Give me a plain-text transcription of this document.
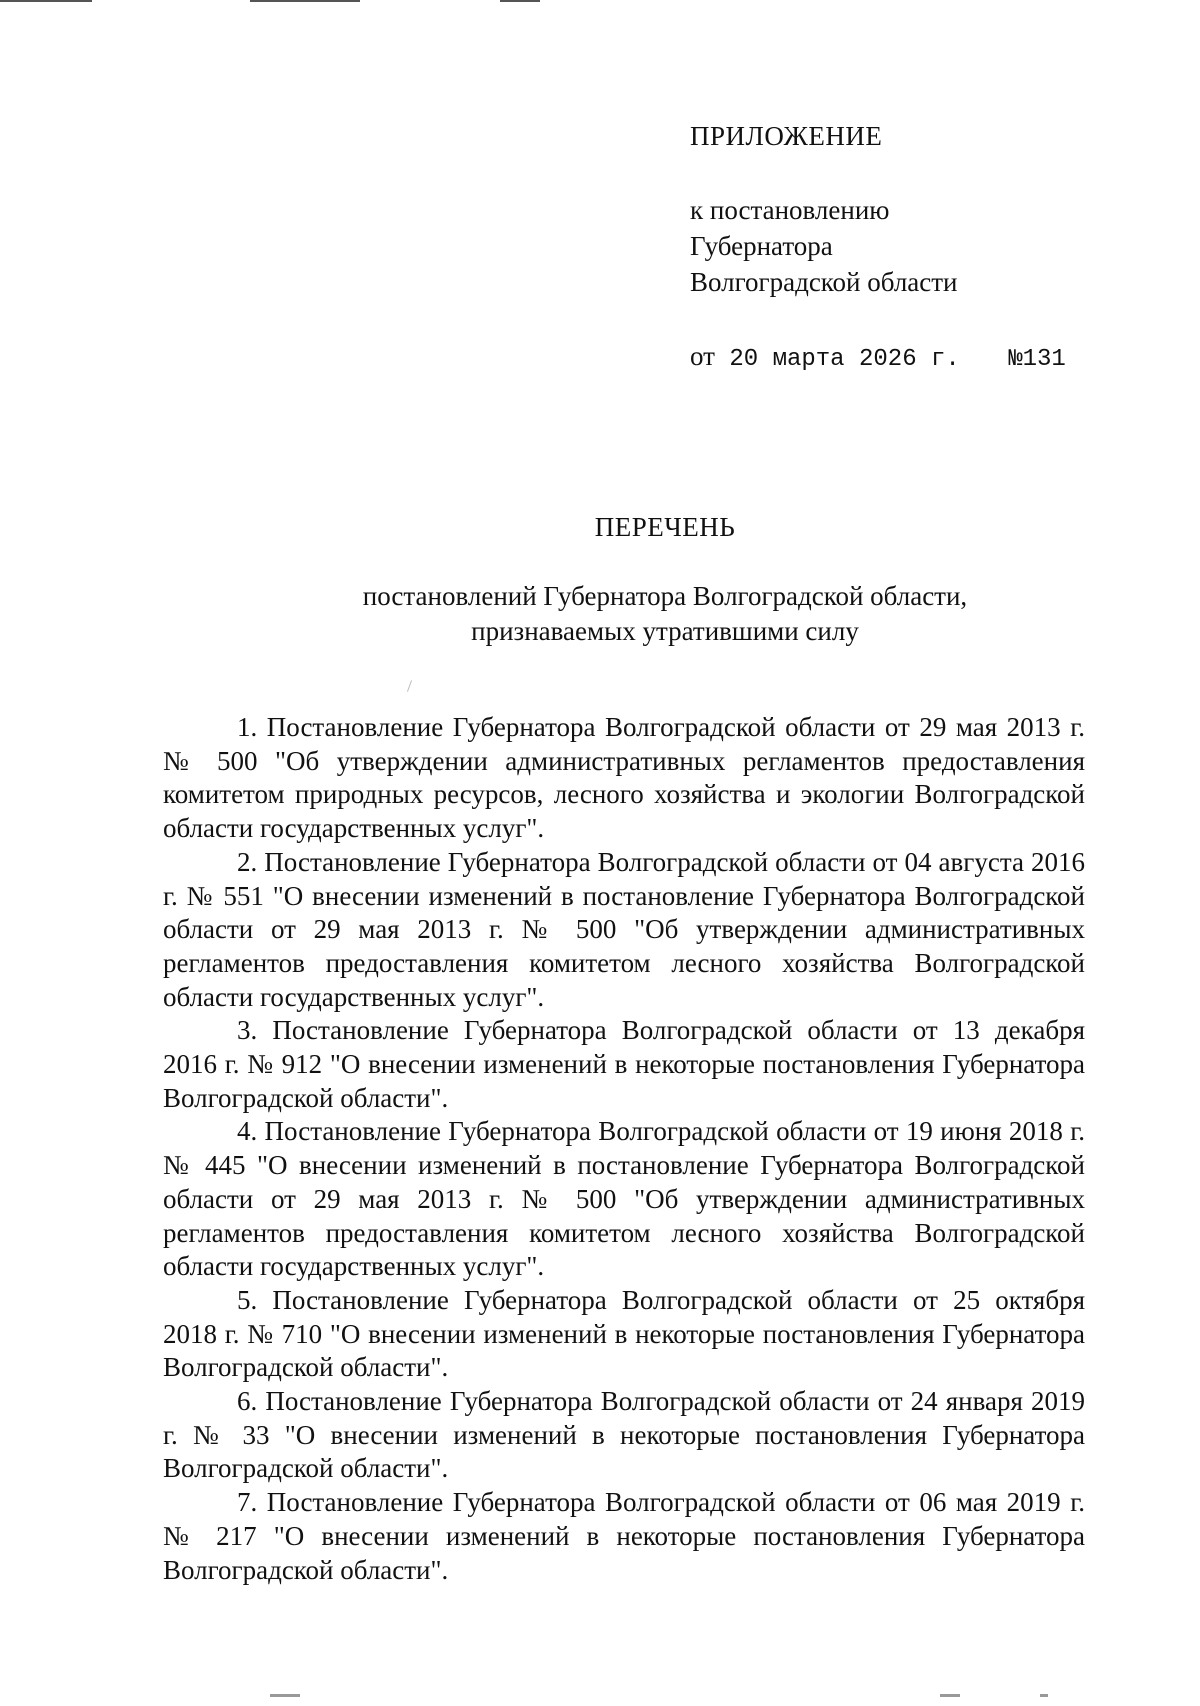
ПРИЛОЖЕНИЕ
к постановлению
Губернатора
Волгоградской области
от 20 марта 2026 г. №131
ПЕРЕЧЕНЬ
постановлений Губернатора Волгоградской области,
признаваемых утратившими силу

1. Постановление Губернатора Волгоградской области от 29 мая 2013 г. № 500 "Об утверждении административных регламентов предоставления комитетом природных ресурсов, лесного хозяйства и экологии Волгоградской области государственных услуг".

2. Постановление Губернатора Волгоградской области от 04 августа 2016 г. № 551 "О внесении изменений в постановление Губернатора Волгоградской области от 29 мая 2013 г. № 500 "Об утверждении административных регламентов предоставления комитетом лесного хозяйства Волгоградской области государственных услуг".

3. Постановление Губернатора Волгоградской области от 13 декабря 2016 г. № 912 "О внесении изменений в некоторые постановления Губернатора Волгоградской области".

4. Постановление Губернатора Волгоградской области от 19 июня 2018 г. № 445 "О внесении изменений в постановление Губернатора Волгоградской области от 29 мая 2013 г. № 500 "Об утверждении административных регламентов предоставления комитетом лесного хозяйства Волгоградской области государственных услуг".

5. Постановление Губернатора Волгоградской области от 25 октября 2018 г. № 710 "О внесении изменений в некоторые постановления Губернатора Волгоградской области".

6. Постановление Губернатора Волгоградской области от 24 января 2019 г. № 33 "О внесении изменений в некоторые постановления Губернатора Волгоградской области".

7. Постановление Губернатора Волгоградской области от 06 мая 2019 г. № 217 "О внесении изменений в некоторые постановления Губернатора Волгоградской области".
